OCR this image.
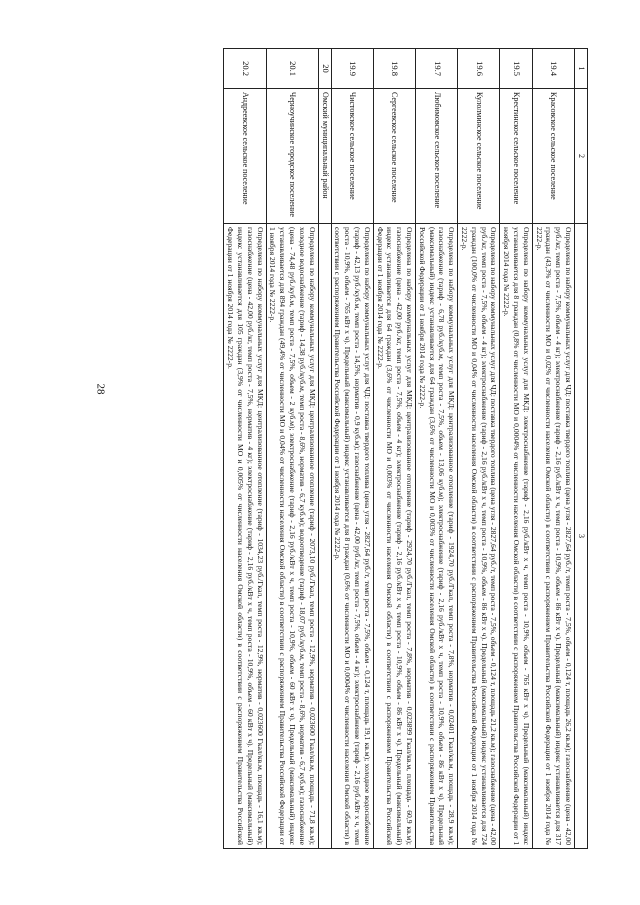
28
1	2	3
19.4	Красовское сельское поселение	Определена по набору коммунальных услуг для ЧД: поставка твердого топлива (цена угля - 2827,64 руб./т, темп роста - 7,5%, объем - 0,124 т, площадь 26,2 кв.м); газоснабжение (цена - 42,00 руб./кг, темп роста - 7,5%, объем - 4 кг); электроснабжение (тариф - 2,16 руб./кВт х ч, темп роста - 10,9%, объем - 86 кВт х ч). Предельный (максимальный) индекс устанавливается для 317 граждан (43,3% от численности МО и 0,02% от численности населения Омской области) в соответствии с распоряжением Правительства Российской Федерации от 1 ноября 2014 года № 2222-р.
19.5	Крестинское сельское поселение	Определена по набору коммунальных услуг для МКД: электроснабжение (тариф - 2,16 руб./кВт х ч, темп роста - 10,9%, объем - 765 кВт х ч). Предельный (максимальный) индекс устанавливается для 8 граждан (0,8% от численности МО и 0,0004% от численности населения Омской области) в соответствии с распоряжением Правительства Российской Федерации от 1 ноября 2014 года № 2222-р.
19.6	Кулолминское сельское поселение	Определена по набору коммунальных услуг для ЧД: поставка твердого топлива (цена угля - 2827,64 руб./т, темп роста - 7,5%, объем - 0,124 т, площадь 21,2 кв.м); газоснабжение (цена - 42,00 руб./кг, темп роста - 7,5%, объем - 4 кг); электроснабжение (тариф - 2,16 руб./кВт х ч, темп роста - 10,9%, объем - 86 кВт х ч). Предельный (максимальный) индекс устанавливается для 724 граждан (100,0% от численности МО и 0,04% от численности населения Омской области) в соответствии с распоряжением Правительства Российской Федерации от 1 ноября 2014 года № 2222-р.
19.7	Любимовское сельское поселение	Определена по набору коммунальных услуг для МКД: централизованное отопление (тариф - 1924,70 руб./Гкал, темп роста - 7,8%, норматив - 0,02401 Гкал/кв.м, площадь - 28,9 кв.м); газоснабжение (тариф - 6,78 руб./куб.м, темп роста - 7,5%, объем - 13,06 куб.м); электроснабжение (тариф - 2,16 руб./кВт х ч, темп роста - 10,9%, объем - 86 кВт х ч). Предельный (максимальный) индекс устанавливается для 64 граждан (3,6% от численности МО и 0,003% от численности населения Омской области) в соответствии с распоряжением Правительства Российской Федерации от 1 ноября 2014 года № 2222-р.
19.8	Сергеевское сельское поселение	Определена по набору коммунальных услуг для МКД: централизованное отопление (тариф - 2924,70 руб./Гкал, темп роста - 7,8%, норматив - 0,023899 Гкал/кв.м, площадь - 60,9 кв.м); газоснабжение (цена - 42,00 руб./кг, темп роста - 7,5%, объем - 4 кг); электроснабжение (тариф - 2,16 руб./кВт х ч, темп роста - 10,9%, объем - 86 кВт х ч). Предельный (максимальный) индекс устанавливается для 64 граждан (3,6% от численности МО и 0,003% от численности населения Омской области) в соответствии с распоряжением Правительства Российской Федерации от 1 ноября 2014 года № 2222-р.
19.9	Чистовское сельское поселение	Определена по набору коммунальных услуг для ЧД: поставка твердого топлива (цена угля - 2827,64 руб./т, темп роста - 7,5%, объем - 0,124 т, площадь 19,1 кв.м); холодное водоснабжение (тариф - 42,13 руб./куб.м, темп роста - 14,5%, норматив - 0,9 куб.м); газоснабжение (цена - 42,00 руб./кг, темп роста - 7,5%, объем - 4 кг); электроснабжение (тариф - 2,16 руб./кВт х ч, темп роста - 10,9%, объем - 765 кВт х ч). Предельный (максимальный) индекс устанавливается для 8 граждан (0,6% от численности МО и 0,0004% от численности населения Омской области) в соответствии с распоряжением Правительства Российской Федерации от 1 ноября 2014 года № 2222-р.
20	Омский муниципальный район	
20.1	Черноучинское городское поселение	Определена по набору коммунальных услуг для МКД: централизованное отопление (тариф - 2073,10 руб./Гкал, темп роста - 12,9%, норматив - 0,023600 Гкал/кв.м, площадь - 71,8 кв.м); холодное водоснабжение (тариф - 14,38 руб./куб.м, темп роста - 8,6%, норматив - 6,7 куб.м); водоотведение (тариф - 18,07 руб./куб.м, темп роста - 8,6%, норматив - 6,7 куб.м); газоснабжение (цена - 74,48 руб./куб.м, темп роста - 7,5%, объем - 2 куб.м); электроснабжение (тариф - 2,16 руб./кВт х ч, темп роста - 10,9%, объем - 60 кВт х ч). Предельный (максимальный) индекс устанавливается для 894 граждан (49,4% от численности МО и 0,04% от численности населения Омской области) в соответствии с распоряжением Правительства Российской Федерации от 1 ноября 2014 года № 2222-р.
20.2	Андреевское сельское поселение	Определена по набору коммунальных услуг для МКД: централизованное отопление (тариф - 1034,23 руб./Гкал, темп роста - 12,9%, норматив - 0,023600 Гкал/кв.м, площадь - 16,1 кв.м); газоснабжение (цена - 42,00 руб./кг, темп роста - 7,5%, норматив - 4 кг); электроснабжение (тариф - 2,16 руб./кВт х ч, темп роста - 10,9%, объем - 60 кВт х ч). Предельный (максимальный) индекс устанавливается для 105 граждан (3,9% от численности МО и 0,005% от численности населения Омской области) в соответствии с распоряжением Правительства Российской Федерации от 1 ноября 2014 года № 2222-р.
